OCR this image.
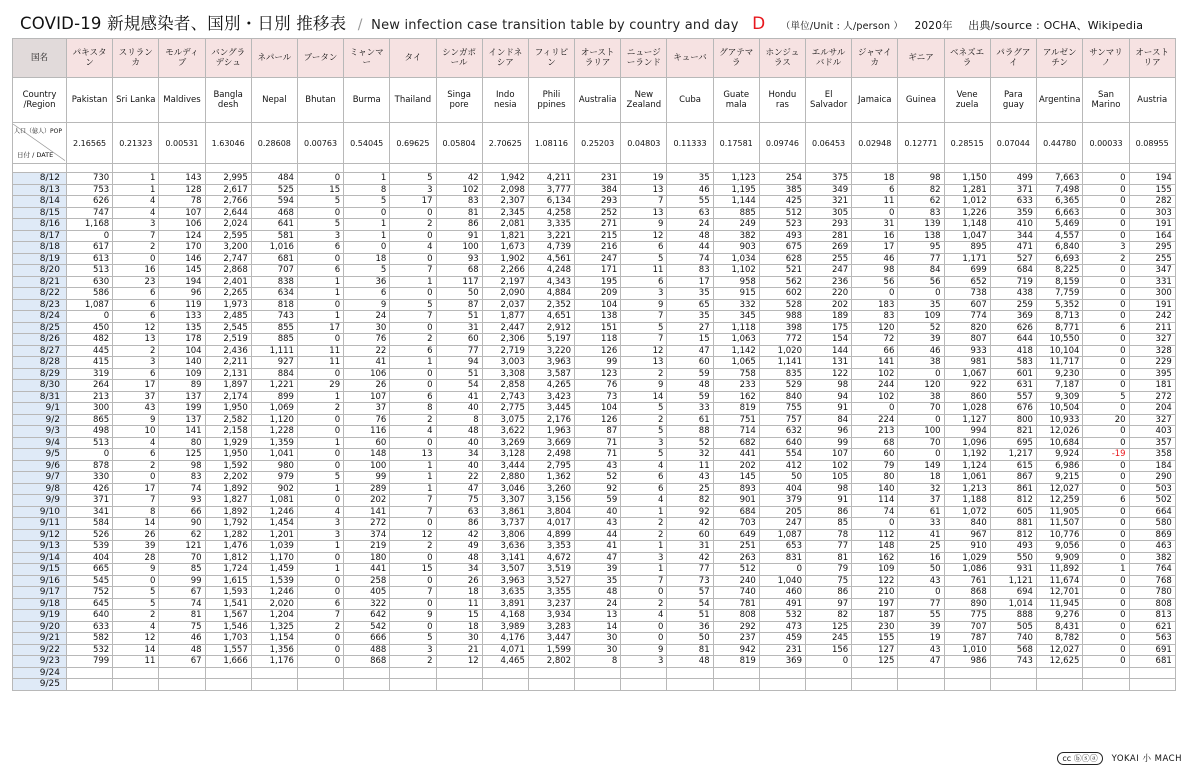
COVID-19 新規感染者、国別・日別 推移表 / New infection case transition table by country and day D （単位/Unit : 人/person ） 2020年 出典/source : OCHA、Wikipedia
国名	パキスタン	スリランカ	モルディブ	バングラデシュ	ネパール	ブータン	ミャンマー	タイ	シンガポール	インドネシア	フィリピン	オーストラリア	ニュージーランド	キューバ	グアテマラ	ホンジュラス	エルサルバドル	ジャマイカ	ギニア	ベネズエラ	パラグアイ	アルゼンチン	サンマリノ	オーストリア
Country /Region	Pakistan	Sri Lanka	Maldives	Bangla desh	Nepal	Bhutan	Burma	Thailand	Singa pore	Indo nesia	Phili ppines	Australia	New Zealand	Cuba	Guate mala	Hondu ras	El Salvador	Jamaica	Guinea	Vene zuela	Para guay	Argentina	San Marino	Austria

人口（億人）POP
日付 / DATE	2.16565	0.21323	0.00531	1.63046	0.28608	0.00763	0.54045	0.69625	0.05804	2.70625	1.08116	0.25203	0.04803	0.11333	0.17581	0.09746	0.06453	0.02948	0.12771	0.28515	0.07044	0.44780	0.00033	0.08955

8/12	730	1	143	2,995	484	0	1	5	42	1,942	4,211	231	19	35	1,123	254	375	18	98	1,150	499	7,663	0	194
8/13	753	1	128	2,617	525	15	8	3	102	2,098	3,777	384	13	46	1,195	385	349	6	82	1,281	371	7,498	0	155
8/14	626	4	78	2,766	594	5	5	17	83	2,307	6,134	293	7	55	1,144	425	321	11	62	1,012	633	6,365	0	282
8/15	747	4	107	2,644	468	0	0	0	81	2,345	4,258	252	13	63	885	512	305	0	83	1,226	359	6,663	0	303
8/16	1,168	3	106	2,024	641	5	1	2	86	2,081	3,335	271	9	24	249	523	293	31	139	1,148	410	5,469	0	191
8/17	0	7	124	2,595	581	3	1	0	91	1,821	3,221	215	12	48	382	493	281	16	138	1,047	344	4,557	0	164
8/18	617	2	170	3,200	1,016	6	0	4	100	1,673	4,739	216	6	44	903	675	269	17	95	895	471	6,840	3	295
8/19	613	0	146	2,747	681	0	18	0	93	1,902	4,561	247	5	74	1,034	628	255	46	77	1,171	527	6,693	2	255
8/20	513	16	145	2,868	707	6	5	7	68	2,266	4,248	171	11	83	1,102	521	247	98	84	699	684	8,225	0	347
8/21	630	23	194	2,401	838	1	36	1	117	2,197	4,343	195	6	17	958	562	236	56	56	652	719	8,159	0	331
8/22	586	6	96	2,265	634	1	6	0	50	2,090	4,884	209	3	35	915	602	220	0	0	738	438	7,759	0	300
8/23	1,087	6	119	1,973	818	0	9	5	87	2,037	2,352	104	9	65	332	528	202	183	35	607	259	5,352	0	191
8/24	0	6	133	2,485	743	1	24	7	51	1,877	4,651	138	7	35	345	988	189	83	109	774	369	8,713	0	242
8/25	450	12	135	2,545	855	17	30	0	31	2,447	2,912	151	5	27	1,118	398	175	120	52	820	626	8,771	6	211
8/26	482	13	178	2,519	885	0	76	2	60	2,306	5,197	118	7	15	1,063	772	154	72	39	807	644	10,550	0	327
8/27	445	2	104	2,436	1,111	11	22	6	77	2,719	3,220	126	12	47	1,142	1,020	144	66	46	933	418	10,104	0	328
8/28	415	3	140	2,211	927	11	41	1	94	3,003	3,963	99	13	60	1,065	1,141	131	141	38	981	583	11,717	0	229
8/29	319	6	109	2,131	884	0	106	0	51	3,308	3,587	123	2	59	758	835	122	102	0	1,067	601	9,230	0	395
8/30	264	17	89	1,897	1,221	29	26	0	54	2,858	4,265	76	9	48	233	529	98	244	120	922	631	7,187	0	181
8/31	213	37	137	2,174	899	1	107	6	41	2,743	3,423	73	14	59	162	840	94	102	38	860	557	9,309	5	272
9/1	300	43	199	1,950	1,069	2	37	8	40	2,775	3,445	104	5	33	819	755	91	0	70	1,028	676	10,504	0	204
9/2	865	9	137	2,582	1,120	0	76	2	8	3,075	2,176	126	2	61	751	757	84	224	0	1,127	800	10,933	20	327
9/3	498	10	141	2,158	1,228	0	116	4	48	3,622	1,963	87	5	88	714	632	96	213	100	994	821	12,026	0	403
9/4	513	4	80	1,929	1,359	1	60	0	40	3,269	3,669	71	3	52	682	640	99	68	70	1,096	695	10,684	0	357
9/5	0	6	125	1,950	1,041	0	148	13	34	3,128	2,498	71	5	32	441	554	107	60	0	1,192	1,217	9,924	-19	358
9/6	878	2	98	1,592	980	0	100	1	40	3,444	2,795	43	4	11	202	412	102	79	149	1,124	615	6,986	0	184
9/7	330	0	83	2,202	979	5	99	1	22	2,880	1,362	52	6	43	145	50	105	80	18	1,061	867	9,215	0	290
9/8	426	17	74	1,892	902	1	289	1	47	3,046	3,260	92	6	25	893	404	98	140	32	1,213	861	12,027	0	503
9/9	371	7	93	1,827	1,081	0	202	7	75	3,307	3,156	59	4	82	901	379	91	114	37	1,188	812	12,259	6	502
9/10	341	8	66	1,892	1,246	4	141	7	63	3,861	3,804	40	1	92	684	205	86	74	61	1,072	605	11,905	0	664
9/11	584	14	90	1,792	1,454	3	272	0	86	3,737	4,017	43	2	42	703	247	85	0	33	840	881	11,507	0	580
9/12	526	26	62	1,282	1,201	3	374	12	42	3,806	4,899	44	2	60	649	1,087	78	112	41	967	812	10,776	0	869
9/13	539	39	121	1,476	1,039	1	219	2	49	3,636	3,353	41	1	31	251	653	77	148	25	910	493	9,056	0	463
9/14	404	28	70	1,812	1,170	0	180	0	48	3,141	4,672	47	3	42	263	831	81	162	16	1,029	550	9,909	0	382
9/15	665	9	85	1,724	1,459	1	441	15	34	3,507	3,519	39	1	77	512	0	79	109	50	1,086	931	11,892	1	764
9/16	545	0	99	1,615	1,539	0	258	0	26	3,963	3,527	35	7	73	240	1,040	75	122	43	761	1,121	11,674	0	768
9/17	752	5	67	1,593	1,246	0	405	7	18	3,635	3,355	48	0	57	740	460	86	210	0	868	694	12,701	0	780
9/18	645	5	74	1,541	2,020	6	322	0	11	3,891	3,237	24	2	54	781	491	97	197	77	890	1,014	11,945	0	808
9/19	640	2	81	1,567	1,204	7	642	9	15	4,168	3,934	13	4	51	808	532	82	187	55	775	888	9,276	0	813
9/20	633	4	75	1,546	1,325	2	542	0	18	3,989	3,283	14	0	36	292	473	125	230	39	707	505	8,431	0	621
9/21	582	12	46	1,703	1,154	0	666	5	30	4,176	3,447	30	0	50	237	459	245	155	19	787	740	8,782	0	563
9/22	532	14	48	1,557	1,356	0	488	3	21	4,071	1,599	30	9	81	942	231	156	127	43	1,010	568	12,027	0	691
9/23	799	11	67	1,666	1,176	0	868	2	12	4,465	2,802	8	3	48	819	369	0	125	47	986	743	12,625	0	681
9/24																								
9/25																								
cc ⓑⓢⓐ YOKAI 小 MACH
